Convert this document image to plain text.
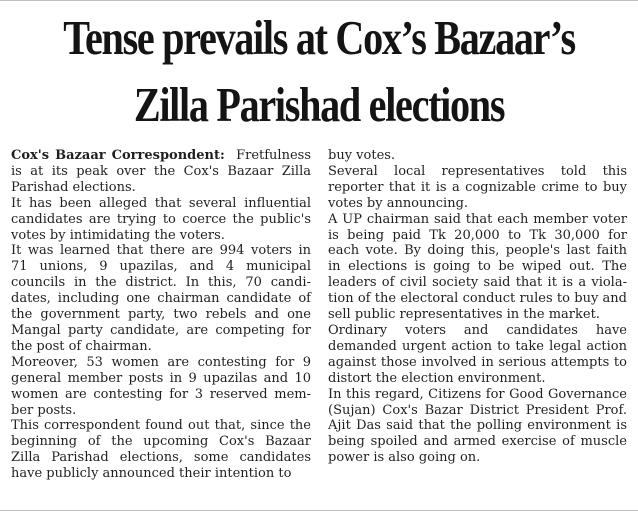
Tense prevails at Cox’s Bazaar’s
Zilla Parishad elections

Cox's Bazaar Correspondent: Fretfulness is at its peak over the Cox's Bazaar Zilla Parishad elections.

It has been alleged that several influential candidates are trying to coerce the public's votes by intimidating the voters.

It was learned that there are 994 voters in 71 unions, 9 upazilas, and 4 municipal councils in the district. In this, 70 candidates, including one chairman candidate of the government party, two rebels and one Mangal party candidate, are competing for the post of chairman.

Moreover, 53 women are contesting for 9 general member posts in 9 upazilas and 10 women are contesting for 3 reserved member posts.

This correspondent found out that, since the beginning of the upcoming Cox's Bazaar Zilla Parishad elections, some candidates have publicly announced their intention to

buy votes.

Several local representatives told this reporter that it is a cognizable crime to buy votes by announcing.

A UP chairman said that each member voter is being paid Tk 20,000 to Tk 30,000 for each vote. By doing this, people's last faith in elections is going to be wiped out. The leaders of civil society said that it is a violation of the electoral conduct rules to buy and sell public representatives in the market.

Ordinary voters and candidates have demanded urgent action to take legal action against those involved in serious attempts to distort the election environment.

In this regard, Citizens for Good Governance (Sujan) Cox's Bazar District President Prof. Ajit Das said that the polling environment is being spoiled and armed exercise of muscle power is also going on.
